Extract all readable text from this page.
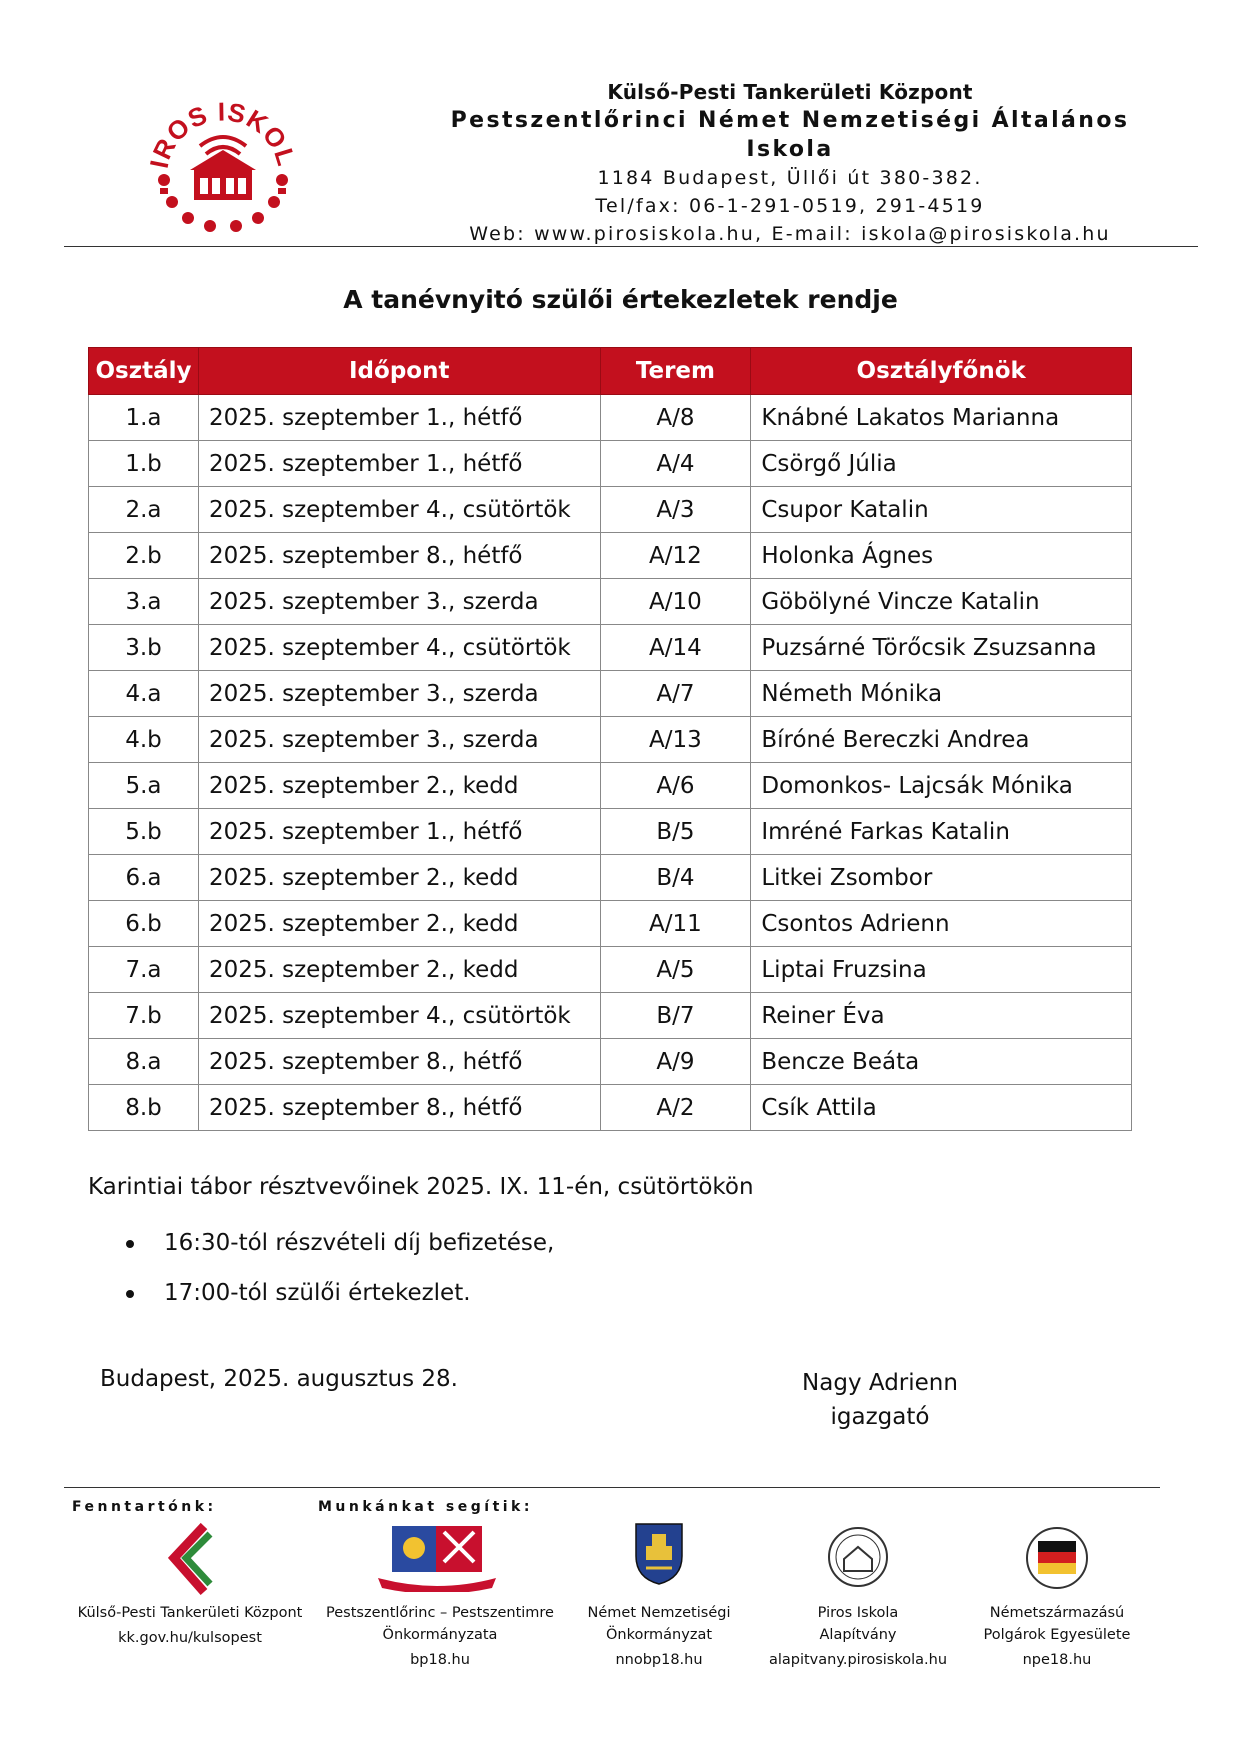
ROS ISKO
Külső-Pesti Tankerületi Központ
Pestszentlőrinci Német Nemzetiségi Általános Iskola
1184 Budapest, Üllői út 380-382.
Tel/fax: 06-1-291-0519, 291-4519
Web: www.pirosiskola.hu, E-mail: iskola@pirosiskola.hu
A tanévnyitó szülői értekezletek rendje
Osztály	Időpont	Terem	Osztályfőnök
1.a	2025. szeptember 1., hétfő	A/8	Knábné Lakatos Marianna
1.b	2025. szeptember 1., hétfő	A/4	Csörgő Júlia
2.a	2025. szeptember 4., csütörtök	A/3	Csupor Katalin
2.b	2025. szeptember 8., hétfő	A/12	Holonka Ágnes
3.a	2025. szeptember 3., szerda	A/10	Göbölyné Vincze Katalin
3.b	2025. szeptember 4., csütörtök	A/14	Puzsárné Törőcsik Zsuzsanna
4.a	2025. szeptember 3., szerda	A/7	Németh Mónika
4.b	2025. szeptember 3., szerda	A/13	Bíróné Bereczki Andrea
5.a	2025. szeptember 2., kedd	A/6	Domonkos- Lajcsák Mónika
5.b	2025. szeptember 1., hétfő	B/5	Imréné Farkas Katalin
6.a	2025. szeptember 2., kedd	B/4	Litkei Zsombor
6.b	2025. szeptember 2., kedd	A/11	Csontos Adrienn
7.a	2025. szeptember 2., kedd	A/5	Liptai Fruzsina
7.b	2025. szeptember 4., csütörtök	B/7	Reiner Éva
8.a	2025. szeptember 8., hétfő	A/9	Bencze Beáta
8.b	2025. szeptember 8., hétfő	A/2	Csík Attila
Karintiai tábor résztvevőinek 2025. IX. 11-én, csütörtökön
16:30-tól részvételi díj befizetése,
17:00-tól szülői értekezlet.
Budapest, 2025. augusztus 28.	Nagy Adrienn
igazgató
Fenntartónk:	Munkánkat segítik:
Külső-Pesti Tankerületi Központ
kk.gov.hu/kulsopest
Pestszentlőrinc – Pestszentimre
Önkormányzata
bp18.hu
Német Nemzetiségi
Önkormányzat
nnobp18.hu
Piros Iskola
Alapítvány
alapitvany.pirosiskola.hu
Németszármazású
Polgárok Egyesülete
npe18.hu
